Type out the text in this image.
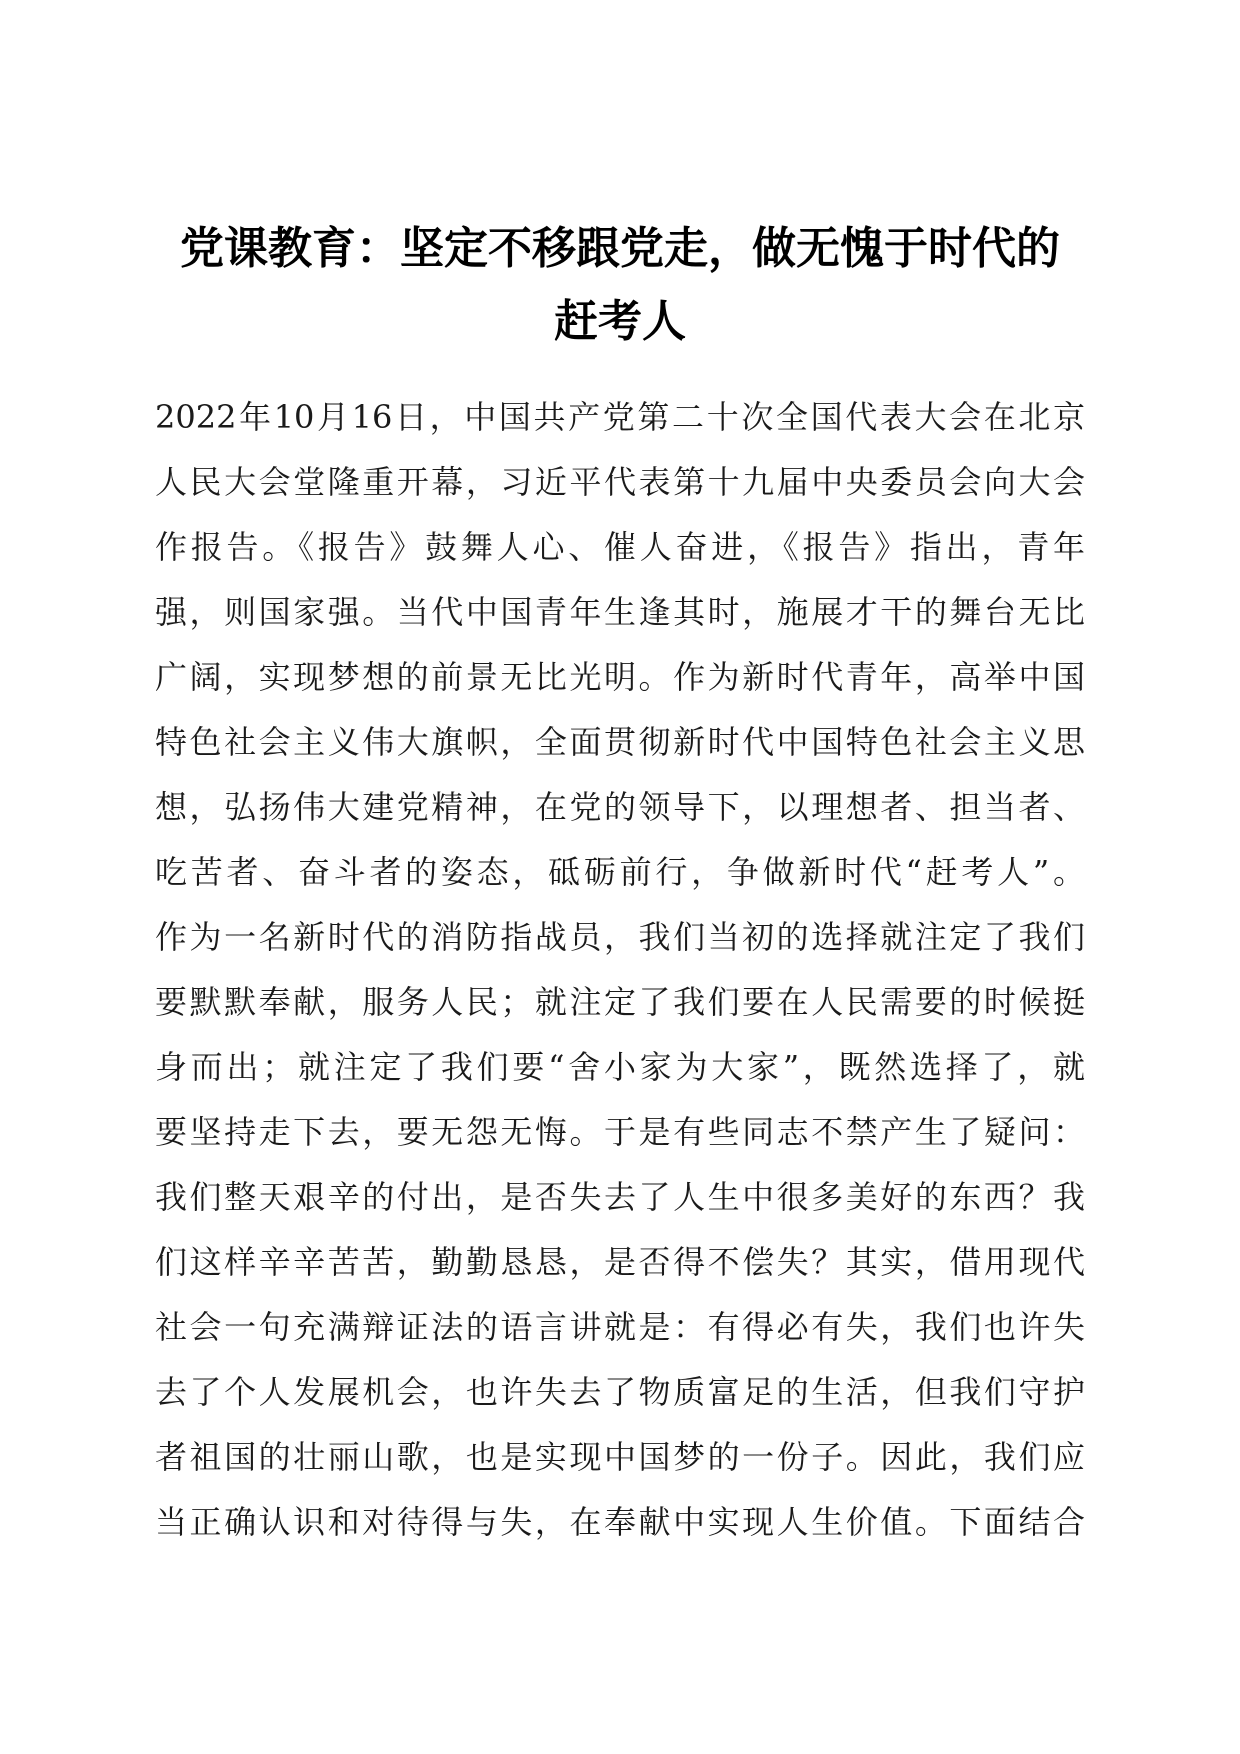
党课教育：坚定不移跟党走，做无愧于时代的
赶考人
2022年10月16日，中国共产党第二十次全国代表大会在北京
人民大会堂隆重开幕，习近平代表第十九届中央委员会向大会
作报告。《报告》鼓舞人心、催人奋进，《报告》指出，青年
强，则国家强。当代中国青年生逢其时，施展才干的舞台无比
广阔，实现梦想的前景无比光明。作为新时代青年，高举中国
特色社会主义伟大旗帜，全面贯彻新时代中国特色社会主义思
想，弘扬伟大建党精神，在党的领导下，以理想者、担当者、
吃苦者、奋斗者的姿态，砥砺前行，争做新时代“赶考人”。
作为一名新时代的消防指战员，我们当初的选择就注定了我们
要默默奉献，服务人民；就注定了我们要在人民需要的时候挺
身而出；就注定了我们要“舍小家为大家”，既然选择了，就
要坚持走下去，要无怨无悔。于是有些同志不禁产生了疑问：
我们整天艰辛的付出，是否失去了人生中很多美好的东西？我
们这样辛辛苦苦，勤勤恳恳，是否得不偿失？其实，借用现代
社会一句充满辩证法的语言讲就是：有得必有失，我们也许失
去了个人发展机会，也许失去了物质富足的生活，但我们守护
者祖国的壮丽山歌，也是实现中国梦的一份子。因此，我们应
当正确认识和对待得与失，在奉献中实现人生价值。下面结合
